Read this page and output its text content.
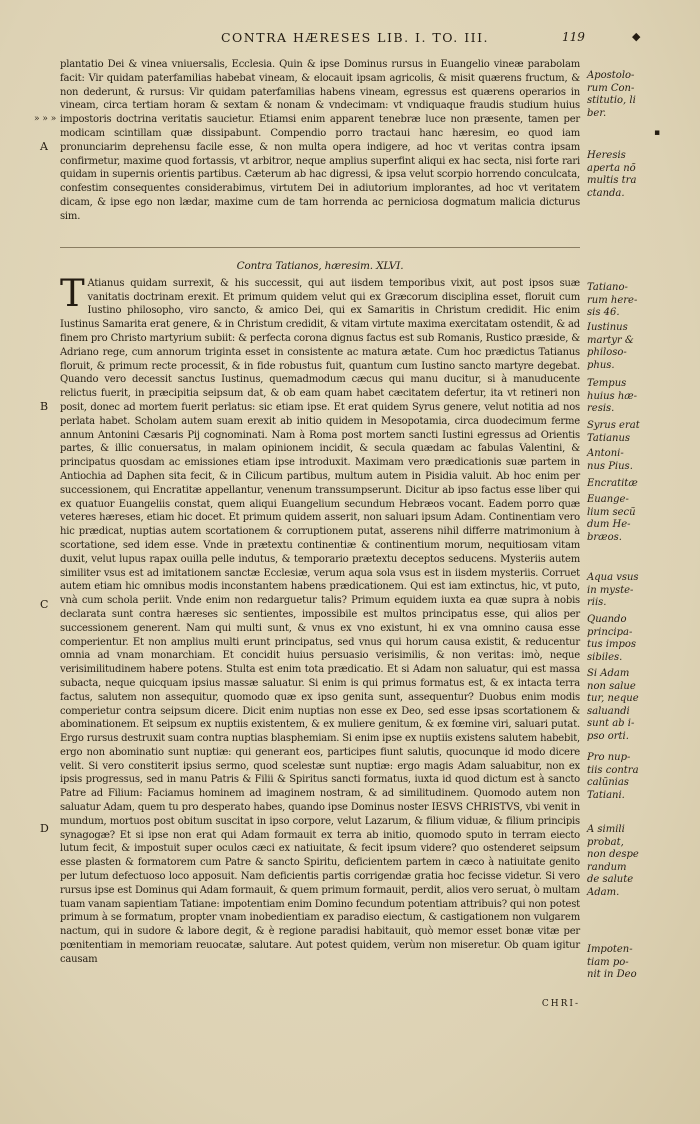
CONTRA HÆRESES LIB. I. TO. III.	119	◆
» » »
A
B
C
D
▪

plantatio Dei & vinea vniuersalis, Ecclesia. Quin & ipse Dominus rursus in Euangelio vineæ parabolam facit: Vir quidam paterfamilias habebat vineam, & elocauit ipsam agricolis, & misit quærens fructum, & non dederunt, & rursus: Vir quidam paterfamilias habens vineam, egressus est quærens operarios in vineam, circa tertiam horam & sextam & nonam & vndecimam: vt vndiquaque fraudis studium huius impostoris doctrina veritatis saucietur. Etiamsi enim apparent tenebræ luce non præsente, tamen per modicam scintillam quæ dissipabunt. Compendio porro tractaui hanc hæresim, eo quod iam pronunciarim deprehensu facile esse, & non multa opera indigere, ad hoc vt veritas contra ipsam confirmetur, maxime quod fortassis, vt arbitror, neque amplius superfint aliqui ex hac secta, nisi forte rari quidam in supernis orientis partibus. Cæterum ab hac digressi, & ipsa velut scorpio horrendo conculcata, confestim consequentes considerabimus, virtutem Dei in adiutorium implorantes, ad hoc vt veritatem dicam, & ipse ego non lædar, maxime cum de tam horrenda ac perniciosa dogmatum malicia dicturus sim.

Contra Tatianos, hæresim. XLVI.

T Atianus quidam surrexit, & his successit, qui aut iisdem temporibus vixit, aut post ipsos suæ vanitatis doctrinam erexit. Et primum quidem velut qui ex Græcorum disciplina esset, floruit cum Iustino philosopho, viro sancto, & amico Dei, qui ex Samaritis in Christum credidit. Hic enim Iustinus Samarita erat genere, & in Christum credidit, & vitam virtute maxima exercitatam ostendit, & ad finem pro Christo martyrium subiit: & perfecta corona dignus factus est sub Romanis, Rustico præside, & Adriano rege, cum annorum triginta esset in consistente ac matura ætate. Cum hoc prædictus Tatianus floruit, & primum recte processit, & in fide robustus fuit, quantum cum Iustino sancto martyre degebat. Quando vero decessit sanctus Iustinus, quemadmodum cæcus qui manu ducitur, si à manuducente relictus fuerit, in præcipitia seipsum dat, & ob eam quam habet cæcitatem defertur, ita vt retineri non posit, donec ad mortem fuerit perlatus: sic etiam ipse. Et erat quidem Syrus genere, velut notitia ad nos perlata habet. Scholam autem suam erexit ab initio quidem in Mesopotamia, circa duodecimum ferme annum Antonini Cæsaris Pij cognominati. Nam à Roma post mortem sancti Iustini egressus ad Orientis partes, & illic conuersatus, in malam opinionem incidit, & secula quædam ac fabulas Valentini, & principatus quosdam ac emissiones etiam ipse introduxit. Maximam vero prædicationis suæ partem in Antiochia ad Daphen sita fecit, & in Cilicum partibus, multum autem in Pisidia valuit. Ab hoc enim per successionem, qui Encratitæ appellantur, venenum transsumpserunt. Dicitur ab ipso factus esse liber qui ex quatuor Euangeliis constat, quem aliqui Euangelium secundum Hebræos vocant. Eadem porro quæ veteres hæreses, etiam hic docet. Et primum quidem asserit, non saluari ipsum Adam. Continentiam vero hic prædicat, nuptias autem scortationem & corruptionem putat, asserens nihil differre matrimonium à scortatione, sed idem esse. Vnde in prætextu continentiæ & continentium morum, nequitiosam vitam duxit, velut lupus rapax ouilla pelle indutus, & temporario prætextu deceptos seducens. Mysteriis autem similiter vsus est ad imitationem sanctæ Ecclesiæ, verum aqua sola vsus est in iisdem mysteriis. Corruet autem etiam hic omnibus modis inconstantem habens prædicationem. Qui est iam extinctus, hic, vt puto, vnà cum schola periit. Vnde enim non redarguetur talis? Primum equidem iuxta ea quæ supra à nobis declarata sunt contra hæreses sic sentientes, impossibile est multos principatus esse, qui alios per successionem generent. Nam qui multi sunt, & vnus ex vno existunt, hi ex vna omnino causa esse comperientur. Et non amplius multi erunt principatus, sed vnus qui horum causa existit, & reducentur omnia ad vnam monarchiam. Et concidit huius persuasio verisimilis, & non veritas: imò, neque verisimilitudinem habere potens. Stulta est enim tota prædicatio. Et si Adam non saluatur, qui est massa subacta, neque quicquam ipsius massæ saluatur. Si enim is qui primus formatus est, & ex intacta terra factus, salutem non assequitur, quomodo quæ ex ipso genita sunt, assequentur? Duobus enim modis comperietur contra seipsum dicere. Dicit enim nuptias non esse ex Deo, sed esse ipsas scortationem & abominationem. Et seipsum ex nuptiis existentem, & ex muliere genitum, & ex fœmine viri, saluari putat. Ergo rursus destruxit suam contra nuptias blasphemiam. Si enim ipse ex nuptiis existens salutem habebit, ergo non abominatio sunt nuptiæ: qui generant eos, participes fiunt salutis, quocunque id modo dicere velit. Si vero constiterit ipsius sermo, quod scelestæ sunt nuptiæ: ergo magis Adam saluabitur, non ex ipsis progressus, sed in manu Patris & Filii & Spiritus sancti formatus, iuxta id quod dictum est à sancto Patre ad Filium: Faciamus hominem ad imaginem nostram, & ad similitudinem. Quomodo autem non saluatur Adam, quem tu pro desperato habes, quando ipse Dominus noster IESVS CHRISTVS, vbi venit in mundum, mortuos post obitum suscitat in ipso corpore, velut Lazarum, & filium viduæ, & filium principis synagogæ? Et si ipse non erat qui Adam formauit ex terra ab initio, quomodo sputo in terram eiecto lutum fecit, & impostuit super oculos cæci ex natiuitate, & fecit ipsum videre? quo ostenderet seipsum esse plasten & formatorem cum Patre & sancto Spiritu, deficientem partem in cæco à natiuitate genito per lutum defectuoso loco apposuit. Nam deficientis partis corrigendæ gratia hoc fecisse videtur. Si vero rursus ipse est Dominus qui Adam formauit, & quem primum formauit, perdit, alios vero seruat, ò multam tuam vanam sapientiam Tatiane: impotentiam enim Domino fecundum potentiam attribuis? qui non potest primum à se formatum, propter vnam inobedientiam ex paradiso eiectum, & castigationem non vulgarem nactum, qui in sudore & labore degit, & è regione paradisi habitauit, quò memor esset bonæ vitæ per pœnitentiam in memoriam reuocatæ, salutare. Aut potest quidem, verùm non miseretur. Ob quam igitur causam

CHRI-
Apostolo-
rum Con-
stitutio, li
ber.
Heresis
aperta nõ
multis tra
ctanda.
Tatiano-
rum here-
sis 46.
Iustinus
martyr &
philoso-
phus.
Tempus
huius hæ-
resis.
Syrus erat
Tatianus
Antoni-
nus Pius.
Encratitæ
Euange-
lium secũ
dum He-
bræos.
Aqua vsus
in myste-
riis.
Quando
principa-
tus impos
sibiles.
Si Adam
non salue
tur, neque
saluandi
sunt ab i-
pso orti.
Pro nup-
tiis contra
calũnias
Tatiani.
A simili
probat,
non despe
randum
de salute
Adam.
Impoten-
tiam po-
nit in Deo
